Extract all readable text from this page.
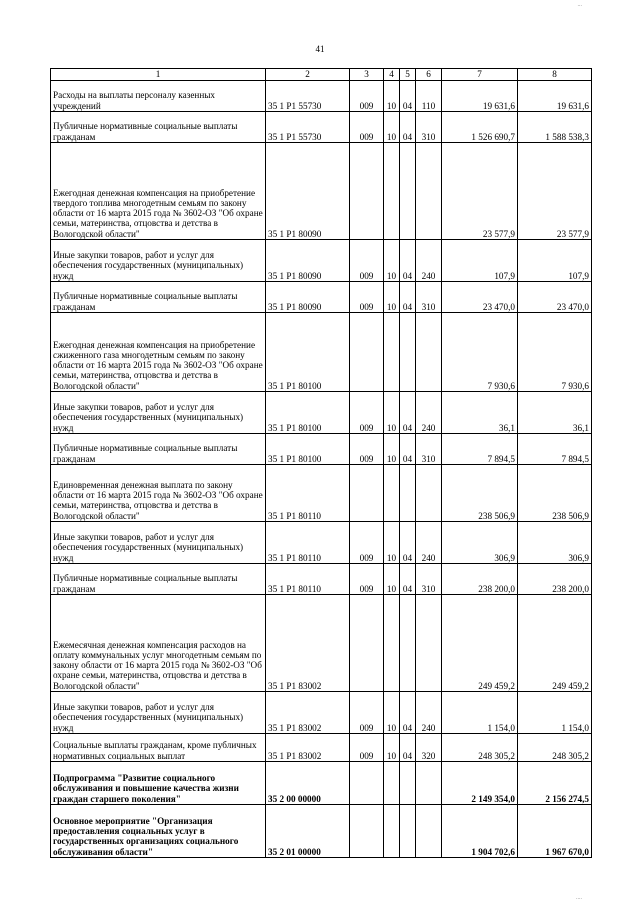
41
...
....
1	2	3	4	5	6	7	8
Расходы на выплаты персоналу казенных учреждений	35 1 P1 55730	009	10	04	110	19 631,6	19 631,6
Публичные нормативные социальные выплаты гражданам	35 1 P1 55730	009	10	04	310	1 526 690,7	1 588 538,3
Ежегодная денежная компенсация на приобретение твердого топлива многодетным семьям по закону области от 16 марта 2015 года № 3602-ОЗ "Об охране семьи, материнства, отцовства и детства в Вологодской области"	35 1 P1 80090					23 577,9	23 577,9
Иные закупки товаров, работ и услуг для обеспечения государственных (муниципальных) нужд	35 1 P1 80090	009	10	04	240	107,9	107,9
Публичные нормативные социальные выплаты гражданам	35 1 P1 80090	009	10	04	310	23 470,0	23 470,0
Ежегодная денежная компенсация на приобретение сжиженного газа многодетным семьям по закону области от 16 марта 2015 года № 3602-ОЗ "Об охране семьи, материнства, отцовства и детства в Вологодской области"	35 1 P1 80100					7 930,6	7 930,6
Иные закупки товаров, работ и услуг для обеспечения государственных (муниципальных) нужд	35 1 P1 80100	009	10	04	240	36,1	36,1
Публичные нормативные социальные выплаты гражданам	35 1 P1 80100	009	10	04	310	7 894,5	7 894,5
Единовременная денежная выплата по закону области от 16 марта 2015 года № 3602-ОЗ "Об охране семьи, материнства, отцовства и детства в Вологодской области"	35 1 P1 80110					238 506,9	238 506,9
Иные закупки товаров, работ и услуг для обеспечения государственных (муниципальных) нужд	35 1 P1 80110	009	10	04	240	306,9	306,9
Публичные нормативные социальные выплаты гражданам	35 1 P1 80110	009	10	04	310	238 200,0	238 200,0
Ежемесячная денежная компенсация расходов на оплату коммунальных услуг многодетным семьям по закону области от 16 марта 2015 года № 3602-ОЗ "Об охране семьи, материнства, отцовства и детства в Вологодской области"	35 1 P1 83002					249 459,2	249 459,2
Иные закупки товаров, работ и услуг для обеспечения государственных (муниципальных) нужд	35 1 P1 83002	009	10	04	240	1 154,0	1 154,0
Социальные выплаты гражданам, кроме публичных нормативных социальных выплат	35 1 P1 83002	009	10	04	320	248 305,2	248 305,2
Подпрограмма "Развитие социального обслуживания и повышение качества жизни граждан старшего поколения"	35 2 00 00000					2 149 354,0	2 156 274,5
Основное мероприятие "Организация предоставления социальных услуг в государственных организациях социального обслуживания области"	35 2 01 00000					1 904 702,6	1 967 670,0
